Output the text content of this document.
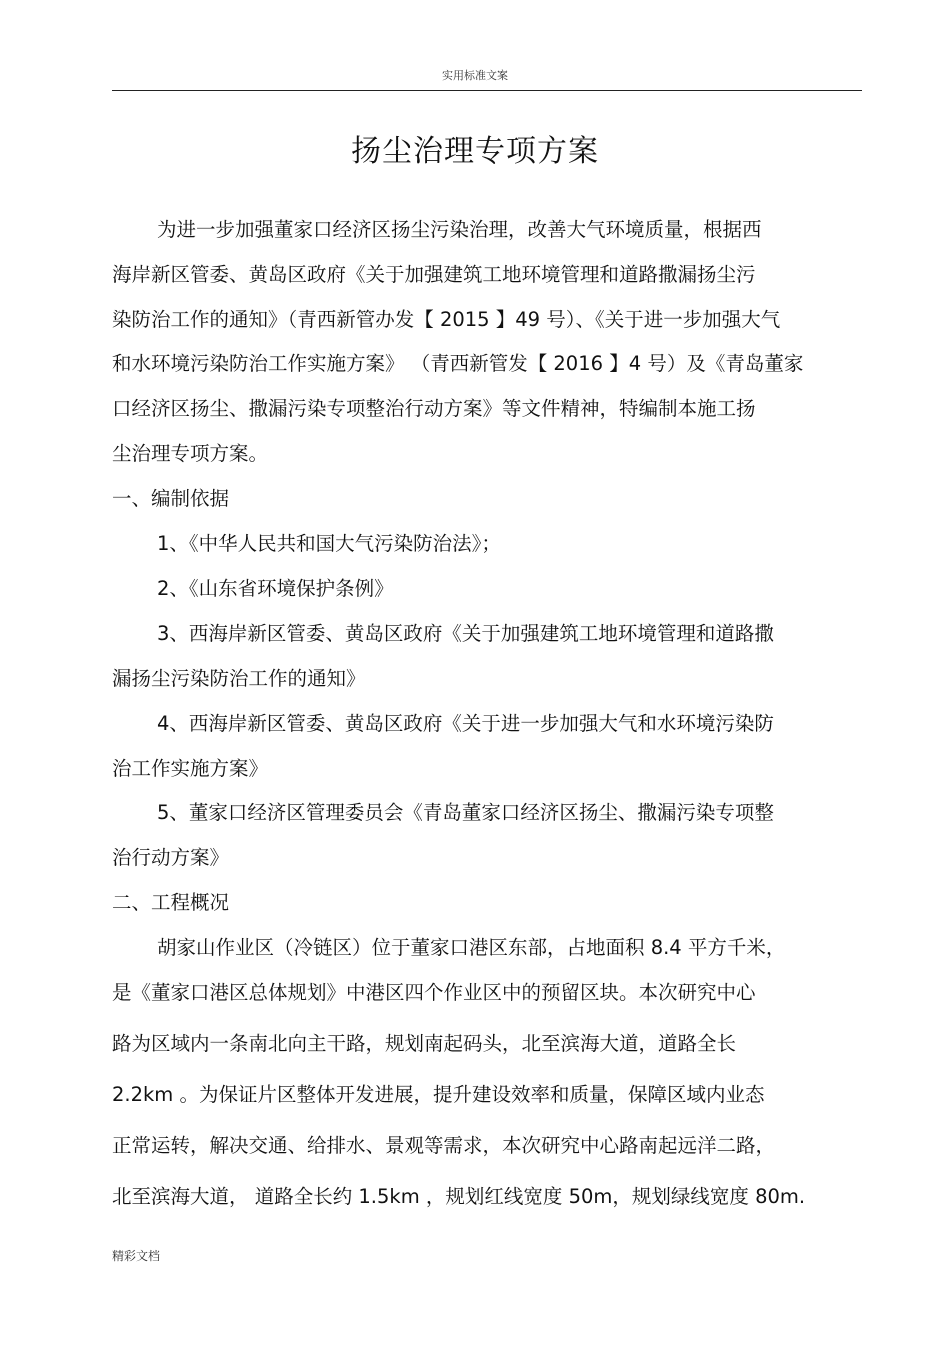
实用标准文案
扬尘治理专项方案
为进一步加强董家口经济区扬尘污染治理，改善大气环境质量，根据西
海岸新区管委、黄岛区政府《关于加强建筑工地环境管理和道路撒漏扬尘污
染防治工作的通知》（青西新管办发【 2015 】49 号）、《关于进一步加强大气
和水环境污染防治工作实施方案》 （青西新管发【 2016 】4 号）及《青岛董家
口经济区扬尘、撒漏污染专项整治行动方案》等文件精神，特编制本施工扬
尘治理专项方案。
一、编制依据
1、《中华人民共和国大气污染防治法》；
2、《山东省环境保护条例》
3、西海岸新区管委、黄岛区政府《关于加强建筑工地环境管理和道路撒
漏扬尘污染防治工作的通知》
4、西海岸新区管委、黄岛区政府《关于进一步加强大气和水环境污染防
治工作实施方案》
5、董家口经济区管理委员会《青岛董家口经济区扬尘、撒漏污染专项整
治行动方案》
二、工程概况
胡家山作业区（冷链区）位于董家口港区东部，占地面积 8.4 平方千米，
是《董家口港区总体规划》中港区四个作业区中的预留区块。本次研究中心
路为区域内一条南北向主干路，规划南起码头，北至滨海大道，道路全长
2.2km 。为保证片区整体开发进展，提升建设效率和质量，保障区域内业态
正常运转，解决交通、给排水、景观等需求，本次研究中心路南起远洋二路，
北至滨海大道， 道路全长约 1.5km ，规划红线宽度 50m，规划绿线宽度 80m.
精彩文档
